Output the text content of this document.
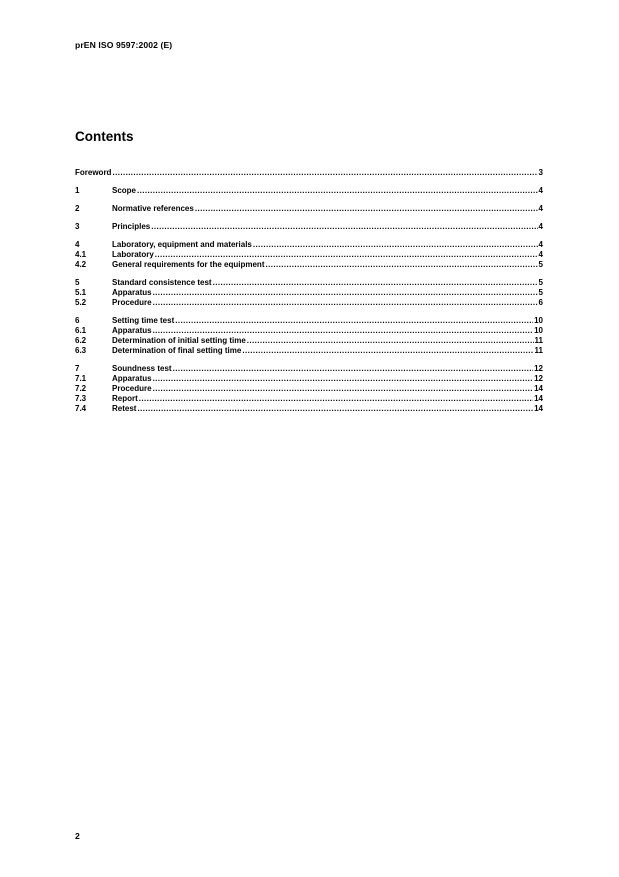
prEN ISO 9597:2002 (E)
Contents
Foreword .....	3
1	Scope .....	4
2	Normative references .....	4
3	Principles .....	4
4	Laboratory, equipment and materials .....	4
4.1	Laboratory .....	4
4.2	General requirements for the equipment .....	5
5	Standard consistence test .....	5
5.1	Apparatus .....	5
5.2	Procedure .....	6
6	Setting time test .....	10
6.1	Apparatus .....	10
6.2	Determination of initial setting time .....	11
6.3	Determination of final setting time .....	11
7	Soundness test .....	12
7.1	Apparatus .....	12
7.2	Procedure .....	14
7.3	Report .....	14
7.4	Retest .....	14
2
